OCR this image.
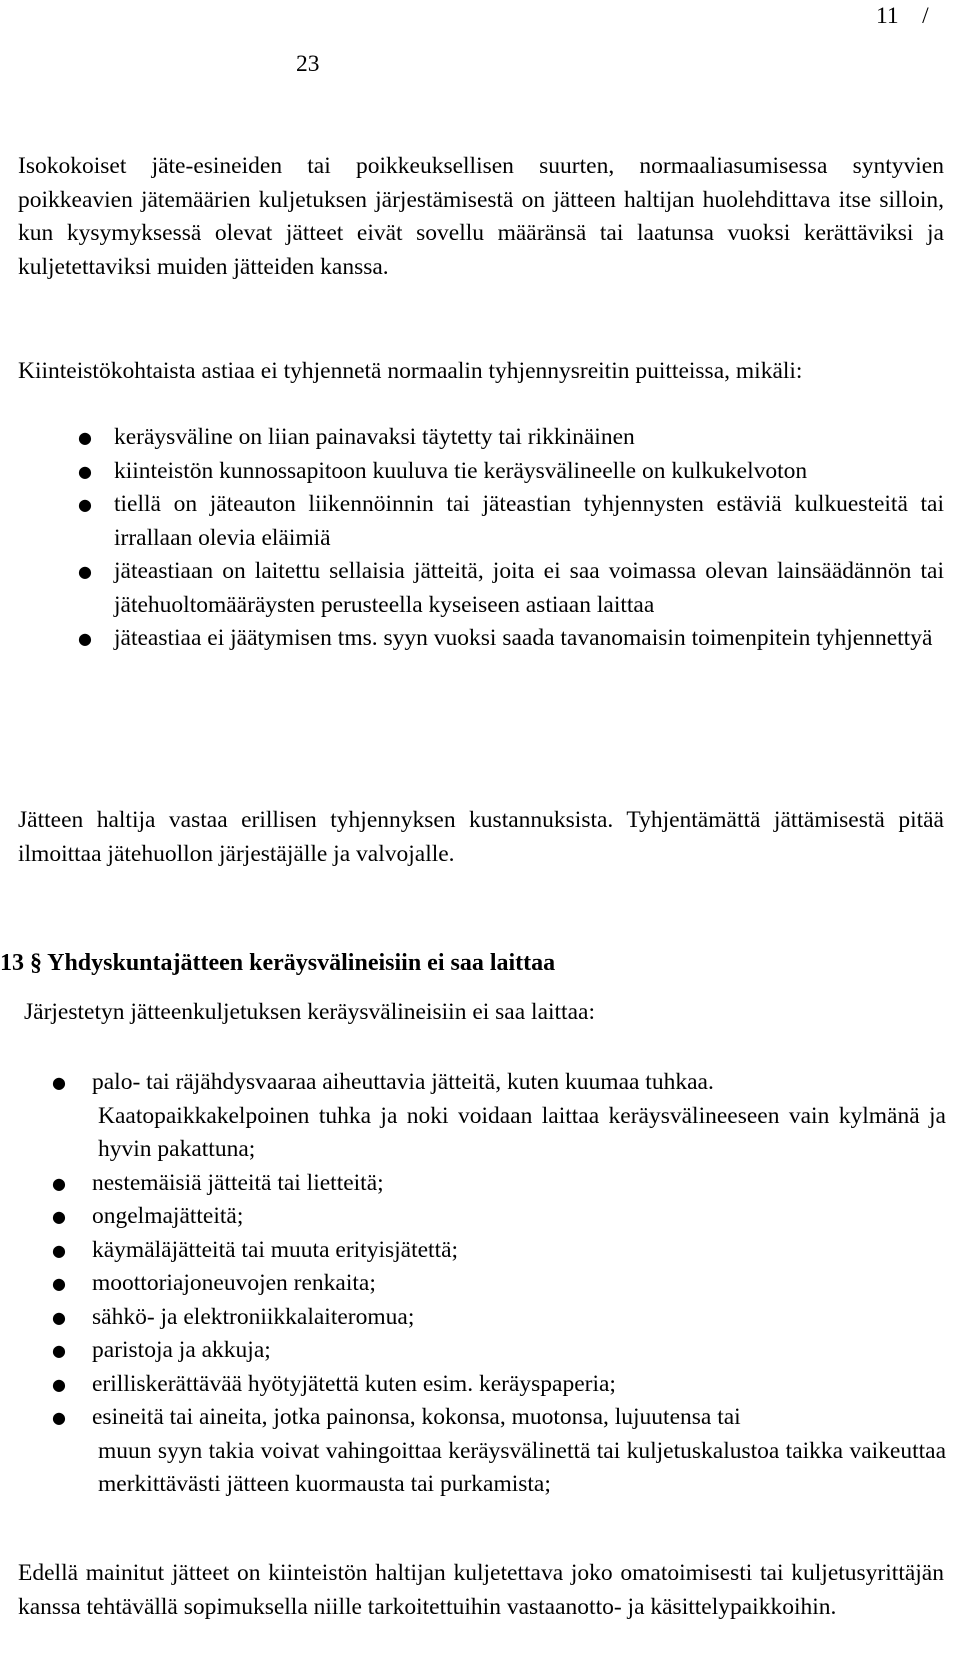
11 /
23

Isokokoiset jäte-esineiden tai poikkeuksellisen suurten, normaaliasumisessa syntyvien poikkeavien jätemäärien kuljetuksen järjestämisestä on jätteen haltijan huolehdittava itse silloin, kun kysymyksessä olevat jätteet eivät sovellu määränsä tai laatunsa vuoksi kerättäviksi ja kuljetettaviksi muiden jätteiden kanssa.

Kiinteistökohtaista astiaa ei tyhjennetä normaalin tyhjennysreitin puitteissa, mikäli:

● keräysväline on liian painavaksi täytetty tai rikkinäinen
● kiinteistön kunnossapitoon kuuluva tie keräysvälineelle on kulkukelvoton
● tiellä on jäteauton liikennöinnin tai jäteastian tyhjennysten estäviä kulkuesteitä tai irrallaan olevia eläimiä
● jäteastiaan on laitettu sellaisia jätteitä, joita ei saa voimassa olevan lainsäädännön tai jätehuoltomääräysten perusteella kyseiseen astiaan laittaa
● jäteastiaa ei jäätymisen tms. syyn vuoksi saada tavanomaisin toimenpitein tyhjennettyä

Jätteen haltija vastaa erillisen tyhjennyksen kustannuksista. Tyhjentämättä jättämisestä pitää ilmoittaa jätehuollon järjestäjälle ja valvojalle.

13 § Yhdyskuntajätteen keräysvälineisiin ei saa laittaa

Järjestetyn jätteenkuljetuksen keräysvälineisiin ei saa laittaa:

● palo- tai räjähdysvaaraa aiheuttavia jätteitä, kuten kuumaa tuhkaa.
Kaatopaikkakelpoinen tuhka ja noki voidaan laittaa keräysvälineeseen vain kylmänä ja hyvin pakattuna;
● nestemäisiä jätteitä tai lietteitä;
● ongelmajätteitä;
● käymäläjätteitä tai muuta erityisjätettä;
● moottoriajoneuvojen renkaita;
● sähkö- ja elektroniikkalaiteromua;
● paristoja ja akkuja;
● erilliskerättävää hyötyjätettä kuten esim. keräyspaperia;
● esineitä tai aineita, jotka painonsa, kokonsa, muotonsa, lujuutensa tai
muun syyn takia voivat vahingoittaa keräysvälinettä tai kuljetuskalustoa taikka vaikeuttaa merkittävästi jätteen kuormausta tai purkamista;

Edellä mainitut jätteet on kiinteistön haltijan kuljetettava joko omatoimisesti tai kuljetusyrittäjän kanssa tehtävällä sopimuksella niille tarkoitettuihin vastaanotto- ja käsittelypaikkoihin.
